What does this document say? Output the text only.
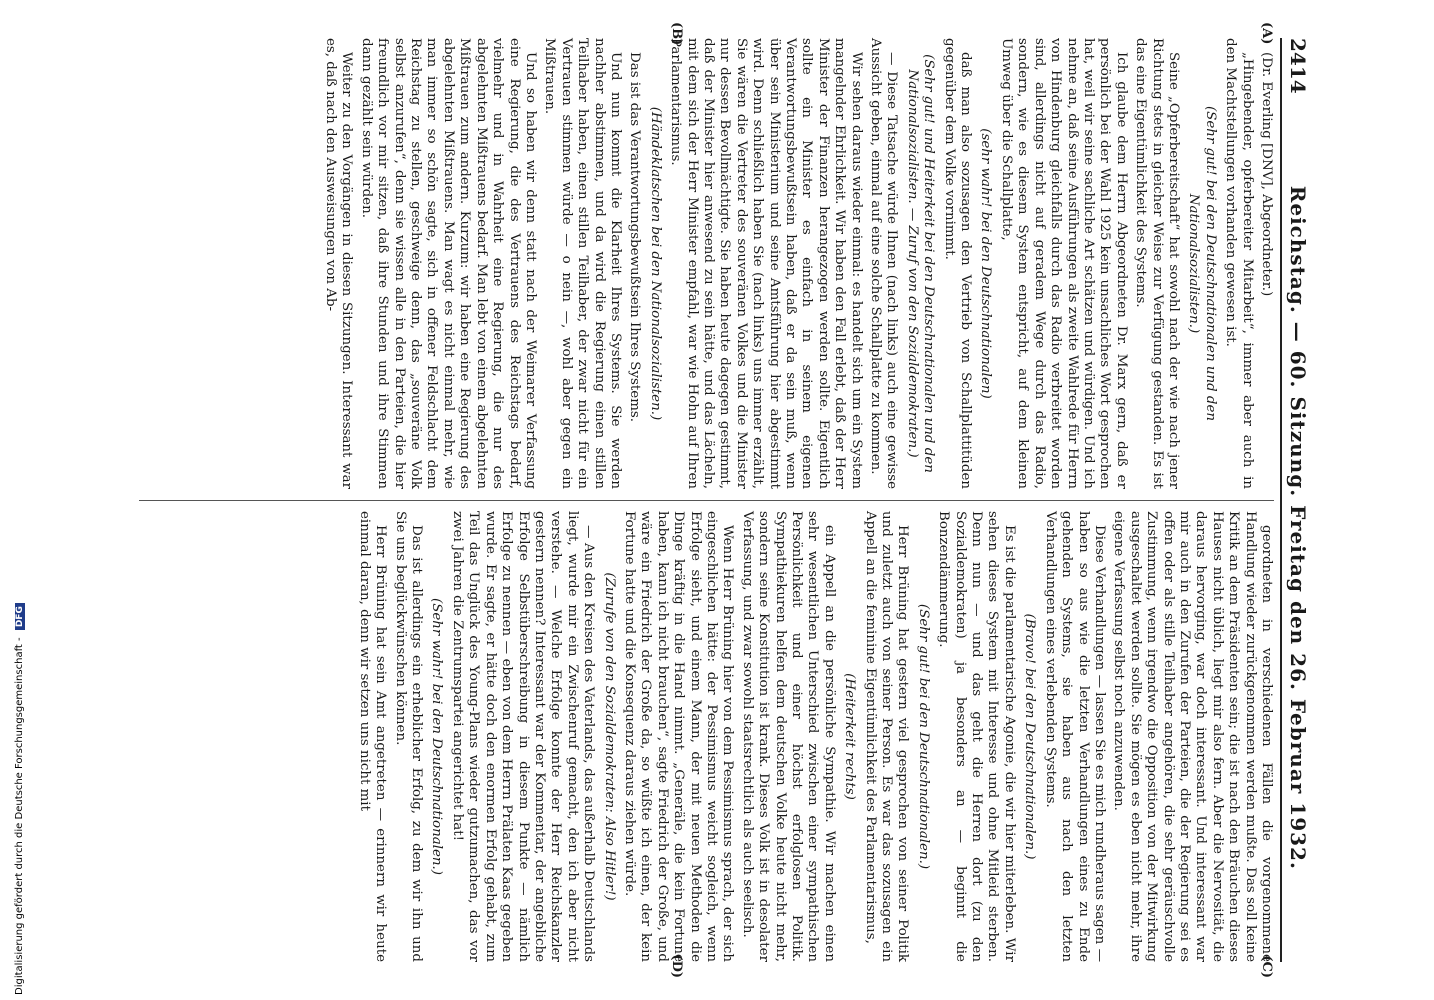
2414
Reichstag. — 60. Sitzung. Freitag den 26. Februar 1932.

(Dr. Everling [DNV], Abgeordneter.)

„Hingebender, opferbereiter Mitarbeit“, immer aber auch in den Machtstellungen vorhanden gewesen ist.

(Sehr gut! bei den Deutschnationalen und den Nationalsozialisten.)

Seine „Opferbereitschaft“ hat sowohl nach der wie nach jener Richtung stets in gleicher Weise zur Verfügung gestanden. Es ist das eine Eigentümlichkeit des Systems.

Ich glaube dem Herrn Abgeordneten Dr. Marx gern, daß er persönlich bei der Wahl 1925 kein unsachliches Wort gesprochen hat, weil wir seine sachliche Art schätzen und würdigen. Und ich nehme an, daß seine Ausführungen als zweite Wahlrede für Herrn von Hindenburg gleichfalls durch das Radio verbreitet worden sind, allerdings nicht auf geradem Wege durch das Radio, sondern, wie es diesem System entspricht, auf dem kleinen Umweg über die Schallplatte,

(sehr wahr! bei den Deutschnationalen)

daß man also sozusagen den Vertrieb von Schallplattitüden gegenüber dem Volke vornimmt.

(Sehr gut! und Heiterkeit bei den Deutschnationalen und den Nationalsozialisten. — Zuruf von den Sozialdemokraten.)

— Diese Tatsache würde Ihnen (nach links) auch eine gewisse Aussicht geben, einmal auf eine solche Schallplatte zu kommen.

Wir sehen daraus wieder einmal: es handelt sich um ein System mangelnder Ehrlichkeit. Wir haben den Fall erlebt, daß der Herr Minister der Finanzen herangezogen werden sollte. Eigentlich sollte ein Minister es einfach in seinem eigenen Verantwortungsbewußtsein haben, daß er da sein muß, wenn über sein Ministerium und seine Amtsführung hier abgestimmt wird. Denn schließlich haben Sie (nach links) uns immer erzählt, Sie wären die Vertreter des souveränen Volkes und die Minister nur dessen Bevollmächtigte. Sie haben heute dagegen gestimmt, daß der Minister hier anwesend zu sein hätte, und das Lächeln, mit dem sich der Herr Minister empfahl, war wie Hohn auf Ihren Parlamentarismus.

(Händeklatschen bei den Nationalsozialisten.)

Das ist das Verantwortungsbewußtsein Ihres Systems.

Und nun kommt die Klarheit Ihres Systems. Sie werden nachher abstimmen, und da wird die Regierung einen stillen Teilhaber haben, einen stillen Teilhaber, der zwar nicht für ein Vertrauen stimmen würde — o nein —, wohl aber gegen ein Mißtrauen.

Und so haben wir denn statt nach der Weimarer Verfassung eine Regierung, die des Vertrauens des Reichstags bedarf, vielmehr und in Wahrheit eine Regierung, die nur des abgelehnten Mißtrauens bedarf. Man lebt von einem abgelehnten Mißtrauen zum andern. Kurzum: wir haben eine Regierung des abgelehnten Mißtrauens. Man wagt es nicht einmal mehr, wie man immer so schön sagte, sich in offener Feldschlacht dem Reichstag zu stellen, geschweige denn, das „souveräne Volk selbst anzurufen“, denn sie wissen alle in den Parteien, die hier freundlich vor mir sitzen, daß ihre Stunden und ihre Stimmen dann gezählt sein würden.

Weiter zu den Vorgängen in diesen Sitzungen. Interessant war es, daß nach den Ausweisungen von Ab-

geordneten in verschiedenen Fällen die vorgenommene Handlung wieder zurückgenommen werden mußte. Das soll keine Kritik an dem Präsidenten sein; die ist nach den Bräuchen dieses Hauses nicht üblich, liegt mir also fern. Aber die Nervosität, die daraus hervorging, war doch interessant. Und interessant war mir auch in den Zurufen der Parteien, die der Regierung sei es offen oder als stille Teilhaber angehören, die sehr geräuschvolle Zustimmung, wenn irgendwo die Opposition von der Mitwirkung ausgeschaltet werden sollte. Sie mögen es eben nicht mehr, ihre eigene Verfassung selbst noch anzuwenden.

Diese Verhandlungen — lassen Sie es mich rundheraus sagen — haben so aus wie die letzten Verhandlungen eines zu Ende gehenden Systems, sie haben aus nach den letzten Verhandlungen eines verlebenden Systems.

(Bravo! bei den Deutschnationalen.)

Es ist die parlamentarische Agonie, die wir hier miterleben. Wir sehen dieses System mit Interesse und ohne Mitleid sterben. Denn nun — und das geht die Herren dort (zu den Sozialdemokraten) ja besonders an — beginnt die Bonzendämmerung.

(Sehr gut! bei den Deutschnationalen.)

Herr Brüning hat gestern viel gesprochen von seiner Politik und zuletzt auch von seiner Person. Es war das sozusagen ein Appell an die feminine Eigentümlichkeit des Parlamentarismus,

(Heiterkeit rechts)

ein Appell an die persönliche Sympathie. Wir machen einen sehr wesentlichen Unterschied zwischen einer sympathischen Persönlichkeit und einer höchst erfolglosen Politik. Sympathiekuren helfen dem deutschen Volke heute nicht mehr, sondern seine Konstitution ist krank. Dieses Volk ist in desolater Verfassung, und zwar sowohl staatsrechtlich als auch seelisch.

Wenn Herr Brüning hier von dem Pessimismus sprach, der sich eingeschlichen hätte: der Pessimismus weicht sogleich, wenn Erfolge sieht, und einem Mann, der mit neuen Methoden die Dinge kräftig in die Hand nimmt. „Generäle, die kein Fortune haben, kann ich nicht brauchen“, sagte Friedrich der Große, und wäre ein Friedrich der Große da, so wüßte ich einen, der kein Fortune hatte und die Konsequenz daraus ziehen würde.

(Zurufe von den Sozialdemokraten: Also Hitler!)

— Aus den Kreisen des Vaterlands, das außerhalb Deutschlands liegt, wurde mir ein Zwischenruf gemacht, den ich aber nicht verstehe. — Welche Erfolge konnte der Herr Reichskanzler gestern nennen? Interessant war der Kommentar, der angebliche Erfolge Selbstüberschreibung in diesem Punkte — nämlich Erfolge zu nennen — eben von dem Herrn Prälaten Kaas gegeben wurde. Er sagte, er hätte doch den enormen Erfolg gehabt, zum Teil das Unglück des Young-Plans wieder gutzumachen, das vor zwei Jahren die Zentrumspartei angerichtet hat!

(Sehr wahr! bei den Deutschnationalen.)

Das ist allerdings ein erheblicher Erfolg, zu dem wir ihn und Sie uns beglückwünschen können.

Herr Brüning hat sein Amt angetreten — erinnern wir heute einmal daran, denn wir setzen uns nicht mit

(A)
(B)
(C)
(D)
Digitalisierung gefördert durch die Deutsche Forschungsgemeinschaft - DFG
